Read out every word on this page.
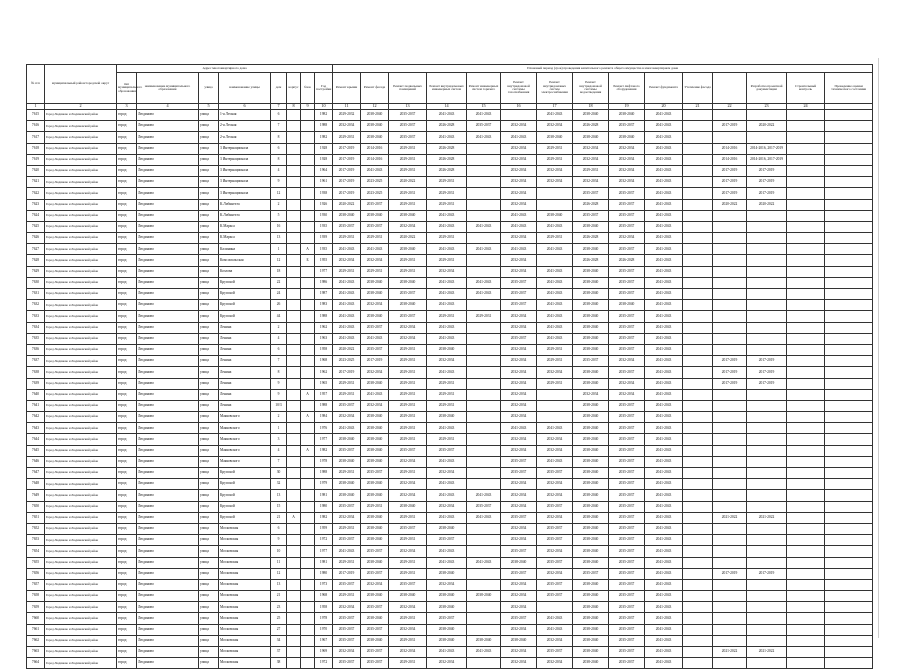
№ п/п	муниципальный район/городской округ	Адрес многоквартирного дома								Плановый период (срок) проведения капитального ремонта общего имущества в многоквартирном доме														
		тип муниципального образования	наименование муниципального образования	улица	наименование улицы	дом	корпус	блок	Год постройки	Ремонт крыши	Ремонт фасада	Ремонт подвальных помещений	Ремонт внутридомовых инженерных систем	Ремонт инженерных систем горячего	Ремонт внутридомовой системы газоснабжения	Ремонт внутридомовых систем электроснабжения	Ремонт внутридомовой системы водоотведения	Ремонт лифтового оборудования	Ремонт фундамента	Утепление фасада		Разработка проектной документации	Строительный контроль	Проведение оценки технического состояния
1	2	3	4	5	6	7	8	9	10	11	12	13	14	15	16	17	18	19	20	21	22	23	24	
7615	Город Людиново и Людиновский район	город	Людиново	улица	1-я Лесная	6			1982	2029-2032	2038-2040	2035-2037	2041-2043	2041-2043		2041-2043	2038-2040	2038-2040	2041-2043					
7616	Город Людиново и Людиновский район	город	Людиново	улица	2-я Лесная	7			1988	2032-2034	2038-2040	2035-2037	2026-2028	2035-2037	2032-2034	2032-2034	2026-2028	2035-2037	2041-2043		2017-2019	2020-2022		
7617	Город Людиново и Людиновский район	город	Людиново	улица	2-я Лесная	8			1982	2029-2031	2038-2040	2035-2037	2041-2043	2041-2043	2041-2043	2038-2040	2038-2040	2038-2040	2041-2043					
7618	Город Людиново и Людиновский район	город	Людиново	улица	3 Интернационала	6			1928	2017-2019	2014-2016	2029-2031	2026-2028		2032-2034	2029-2031	2032-2034	2032-2034	2041-2043		2014-2016	2014-2016, 2017-2019		
7619	Город Людиново и Людиновский район	город	Людиново	улица	3 Интернационала	8			1928	2017-2019	2014-2016	2029-2031	2026-2028		2032-2034	2029-2031	2032-2034	2032-2034	2041-2043		2014-2016	2014-2016, 2017-2019		
7620	Город Людиново и Людиновский район	город	Людиново	улица	3 Интернационала	4			1964	2017-2019	2041-2043	2029-2031	2026-2028		2032-2034	2032-2034	2029-2031	2032-2034	2041-2043		2017-2019	2017-2019		
7621	Город Людиново и Людиновский район	город	Людиново	улица	3 Интернационала	9			1961	2017-2019	2023-2025	2020-2022	2029-2031		2032-2034	2032-2034	2032-2034	2032-2034	2041-2043		2017-2019	2017-2019		
7622	Город Людиново и Людиновский район	город	Людиново	улица	3 Интернационала	12			1938	2017-2019	2023-2025	2029-2031	2029-2031		2032-2034		2035-2037	2035-2037	2041-2043		2017-2019	2017-2019		
7623	Город Людиново и Людиновский район	город	Людиново	улица	К.Либкнехта	2			1926	2020-2022	2035-2037	2029-2031	2029-2031		2032-2034		2026-2028	2035-2037	2041-2043		2020-2022	2020-2022		
7624	Город Людиново и Людиновский район	город	Людиново	улица	К.Либкнехта	5			1930	2038-2040	2038-2040	2038-2040	2041-2043		2041-2043	2038-2040	2035-2037	2035-2037	2041-2043					
7625	Город Людиново и Людиновский район	город	Людиново	улица	К.Маркса	16			1935	2035-2037	2035-2037	2032-2034	2041-2043	2041-2043	2041-2043	2041-2043	2038-2040	2035-2037	2041-2043					
7626	Город Людиново и Людиновский район	город	Людиново	улица	К.Маркса	13			1939	2029-2031	2029-2031	2020-2022	2029-2031		2032-2034	2029-2031	2026-2028	2032-2034	2041-2043					
7627	Город Людиново и Людиновский район	город	Людиново	улица	Калинина	1		А	1935	2041-2043	2041-2043	2038-2040	2041-2043	2041-2043	2041-2043	2041-2043	2038-2040	2035-2037	2041-2043					
7628	Город Людиново и Людиновский район	город	Людиново	улица	Комсомольская	12		Б	1955	2032-2034	2032-2034	2029-2031	2029-2031		2032-2034		2026-2028	2026-2028	2041-2043					
7629	Город Людиново и Людиновский район	город	Людиново	улица	Козлова	18			1977	2029-2031	2029-2031	2029-2031	2032-2034		2032-2034	2041-2043	2038-2040	2035-2037	2041-2043					
7630	Город Людиново и Людиновский район	город	Людиново	улица	Крупской	22			1986	2041-2043	2038-2040	2038-2040	2041-2043	2041-2043	2035-2037	2041-2043	2038-2040	2035-2037	2041-2043					
7631	Город Людиново и Людиновский район	город	Людиново	улица	Крупской	24			1987	2041-2043	2038-2040	2035-2037	2041-2043	2041-2043	2035-2037	2041-2043	2038-2040	2035-2037	2041-2043					
7632	Город Людиново и Людиновский район	город	Людиново	улица	Крупской	26			1983	2041-2043	2032-2034	2038-2040	2041-2043		2035-2037	2041-2043	2038-2040	2038-2040	2041-2043					
7633	Город Людиново и Людиновский район	город	Людиново	улица	Крупской	44			1988	2041-2043	2038-2040	2035-2037	2029-2031	2029-2031	2032-2034	2041-2043	2038-2040	2035-2037	2041-2043					
7634	Город Людиново и Людиновский район	город	Людиново	улица	Ленина	2			1962	2041-2043	2035-2037	2032-2034	2041-2043		2032-2034	2041-2043	2038-2040	2035-2037	2041-2043					
7635	Город Людиново и Людиновский район	город	Людиново	улица	Ленина	4			1963	2041-2043	2041-2043	2032-2034	2041-2043		2035-2037	2041-2043	2038-2040	2035-2037	2041-2043					
7636	Город Людиново и Людиновский район	город	Людиново	улица	Ленина	6			1958	2020-2022	2035-2037	2029-2031	2038-2040		2032-2034	2029-2031	2038-2040	2035-2037	2041-2043					
7637	Город Людиново и Людиновский район	город	Людиново	улица	Ленина	7			1968	2023-2025	2017-2019	2029-2031	2032-2034		2032-2034	2029-2031	2035-2037	2032-2034	2041-2043		2017-2019	2017-2019		
7638	Город Людиново и Людиновский район	город	Людиново	улица	Ленина	8			1962	2017-2019	2032-2034	2029-2031	2041-2043		2032-2034	2032-2034	2038-2040	2035-2037	2041-2043		2017-2019	2017-2019		
7639	Город Людиново и Людиновский район	город	Людиново	улица	Ленина	9			1965	2029-2031	2038-2040	2029-2031	2029-2031		2032-2034	2029-2031	2038-2040	2032-2034	2041-2043		2017-2019	2017-2019		
7640	Город Людиново и Людиновский район	город	Людиново	улица	Ленина	9		А	1957	2029-2031	2041-2043	2029-2031	2029-2031		2032-2034		2032-2034	2032-2034	2041-2043					
7641	Город Людиново и Людиновский район	город	Людиново	улица	Ленина	10/3			1988	2035-2037	2032-2034	2029-2031	2029-2031		2032-2034		2038-2040	2035-2037	2041-2043					
7642	Город Людиново и Людиновский район	город	Людиново	улица	Маяковского	2		А	1984	2032-2034	2038-2040	2029-2031	2038-2040		2032-2034		2038-2040	2035-2037	2041-2043					
7643	Город Людиново и Людиновский район	город	Людиново	улица	Маяковского	1			1976	2041-2043	2038-2040	2029-2031	2041-2043		2041-2043	2041-2043	2038-2040	2035-2037	2041-2043					
7644	Город Людиново и Людиновский район	город	Людиново	улица	Маяковского	3			1977	2038-2040	2038-2040	2029-2031	2029-2031		2032-2034	2032-2034	2038-2040	2035-2037	2041-2043					
7645	Город Людиново и Людиновский район	город	Людиново	улица	Маяковского	4		А	1982	2035-2037	2038-2040	2035-2037	2035-2037		2032-2034	2032-2034	2038-2040	2035-2037	2041-2043					
7646	Город Людиново и Людиновский район	город	Людиново	улица	Маяковского	7			1978	2038-2040	2038-2040	2032-2034	2041-2043		2035-2037	2041-2043	2038-2040	2035-2037	2041-2043					
7647	Город Людиново и Людиновский район	город	Людиново	улица	Крупской	30			1988	2029-2031	2035-2037	2029-2031	2032-2034		2035-2037	2035-2037	2038-2040	2035-2037	2041-2043					
7648	Город Людиново и Людиновский район	город	Людиново	улица	Крупской	32			1979	2038-2040	2038-2040	2032-2034	2041-2043		2032-2034	2032-2034	2038-2040	2035-2037	2041-2043					
7649	Город Людиново и Людиновский район	город	Людиново	улица	Крупской	13			1981	2038-2040	2038-2040	2032-2034	2041-2043	2041-2043	2032-2034	2032-2034	2038-2040	2035-2037	2041-2043					
7650	Город Людиново и Людиновский район	город	Людиново	улица	Крупской	15			1980	2035-2037	2029-2031	2038-2040	2032-2034	2035-2037	2032-2034	2035-2037	2038-2040	2035-2037	2041-2043					
7651	Город Людиново и Людиновский район	город	Людиново	улица	Крупской	21	А		1982	2032-2034	2038-2040	2029-2031	2041-2043	2041-2043	2035-2037	2032-2034	2038-2040	2035-2037	2041-2043		2021-2022	2021-2022		
7652	Город Людиново и Людиновский район	город	Людиново	улица	Московская	6			1959	2029-2031	2038-2040	2035-2037	2038-2040		2032-2034	2035-2037	2038-2040	2035-2037	2041-2043					
7653	Город Людиново и Людиновский район	город	Людиново	улица	Московская	9			1972	2035-2037	2038-2040	2029-2031	2035-2037		2032-2034	2035-2037	2038-2040	2035-2037	2041-2043					
7654	Город Людиново и Людиновский район	город	Людиново	улица	Московская	10			1977	2041-2043	2035-2037	2032-2034	2041-2043		2035-2037	2032-2034	2038-2040	2035-2037	2041-2043					
7655	Город Людиново и Людиновский район	город	Людиново	улица	Московская	11			1981	2029-2031	2038-2040	2029-2031	2041-2043	2041-2043	2038-2040	2035-2037	2038-2040	2035-2037	2041-2043					
7656	Город Людиново и Людиновский район	город	Людиново	улица	Московская	12			1980	2017-2019	2035-2037	2029-2031	2038-2040		2035-2037	2032-2034	2035-2037	2035-2037	2041-2043		2017-2019	2017-2019		
7657	Город Людиново и Людиновский район	город	Людиново	улица	Московская	13			1973	2035-2037	2032-2034	2035-2037	2032-2034		2032-2034	2035-2037	2038-2040	2035-2037	2041-2043					
7658	Город Людиново и Людиновский район	город	Людиново	улица	Московская	21			1968	2029-2031	2038-2040	2038-2040	2038-2040	2038-2040	2032-2034	2035-2037	2038-2040	2035-2037	2041-2043					
7659	Город Людиново и Людиновский район	город	Людиново	улица	Московская	23			1958	2032-2034	2035-2037	2032-2034	2038-2040		2032-2034		2038-2040	2035-2037	2041-2043					
7660	Город Людиново и Людиновский район	город	Людиново	улица	Московская	25			1978	2035-2037	2038-2040	2029-2031	2035-2037		2035-2037	2041-2043	2038-2040	2035-2037	2041-2043					
7661	Город Людиново и Людиновский район	город	Людиново	улица	Московская	27			1970	2035-2037	2035-2037	2032-2034	2038-2040		2032-2034	2041-2043	2038-2040	2035-2037	2041-2043					
7662	Город Людиново и Людиновский район	город	Людиново	улица	Московская	34			1967	2035-2037	2038-2040	2029-2031	2038-2040	2038-2040	2038-2040	2032-2034	2038-2040	2035-2037	2041-2043					
7663	Город Людиново и Людиновский район	город	Людиново	улица	Московская	37			1969	2032-2034	2035-2037	2032-2034	2041-2043	2041-2043	2032-2034	2035-2037	2038-2040	2035-2037	2041-2043		2021-2022	2021-2022		
7664	Город Людиново и Людиновский район	город	Людиново	улица	Московская	38			1972	2035-2037	2035-2037	2029-2031	2032-2034		2032-2034	2032-2034	2038-2040	2035-2037	2041-2043					
